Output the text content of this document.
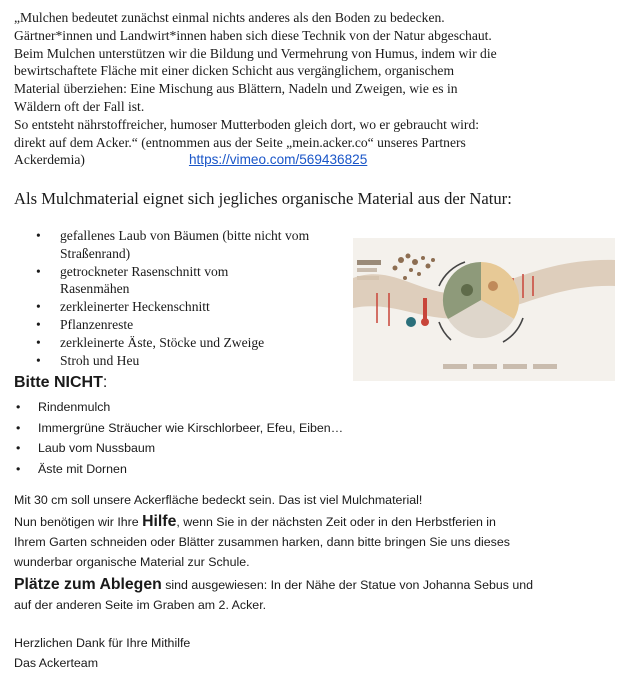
„Mulchen bedeutet zunächst einmal nichts anderes als den Boden zu bedecken.

Gärtner*innen und Landwirt*innen haben sich diese Technik von der Natur abgeschaut.

Beim Mulchen unterstützen wir die Bildung und Vermehrung von Humus, indem wir die

bewirtschaftete Fläche mit einer dicken Schicht aus vergänglichem, organischem

Material überziehen: Eine Mischung aus Blättern, Nadeln und Zweigen, wie es in

Wäldern oft der Fall ist.

So entsteht nährstoffreicher, humoser Mutterboden gleich dort, wo er gebraucht wird:

direkt auf dem Acker.“ (entnommen aus der Seite „mein.acker.co“ unseres Partners

Ackerdemia)	https://vimeo.com/569436825

Als Mulchmaterial eignet sich jegliches organische Material aus der Natur:
• gefallenes Laub von Bäumen (bitte nicht vom Straßenrand)
• getrockneter Rasenschnitt vom
Rasenmähen
• zerkleinerter Heckenschnitt
• Pflanzenreste
• zerkleinerte Äste, Stöcke und Zweige
• Stroh und Heu
Bitte NICHT:
• Rindenmulch
• Immergrüne Sträucher wie Kirschlorbeer, Efeu, Eiben…
• Laub vom Nussbaum
• Äste mit Dornen

Mit 30 cm soll unsere Ackerfläche bedeckt sein. Das ist viel Mulchmaterial!

Nun benötigen wir Ihre Hilfe, wenn Sie in der nächsten Zeit oder in den Herbstferien in
Ihrem Garten schneiden oder Blätter zusammen harken, dann bitte bringen Sie uns dieses
wunderbar organische Material zur Schule.
Plätze zum Ablegen sind ausgewiesen: In der Nähe der Statue von Johanna Sebus und
auf der anderen Seite im Graben am 2. Acker.
Herzlichen Dank für Ihre Mithilfe
Das Ackerteam
